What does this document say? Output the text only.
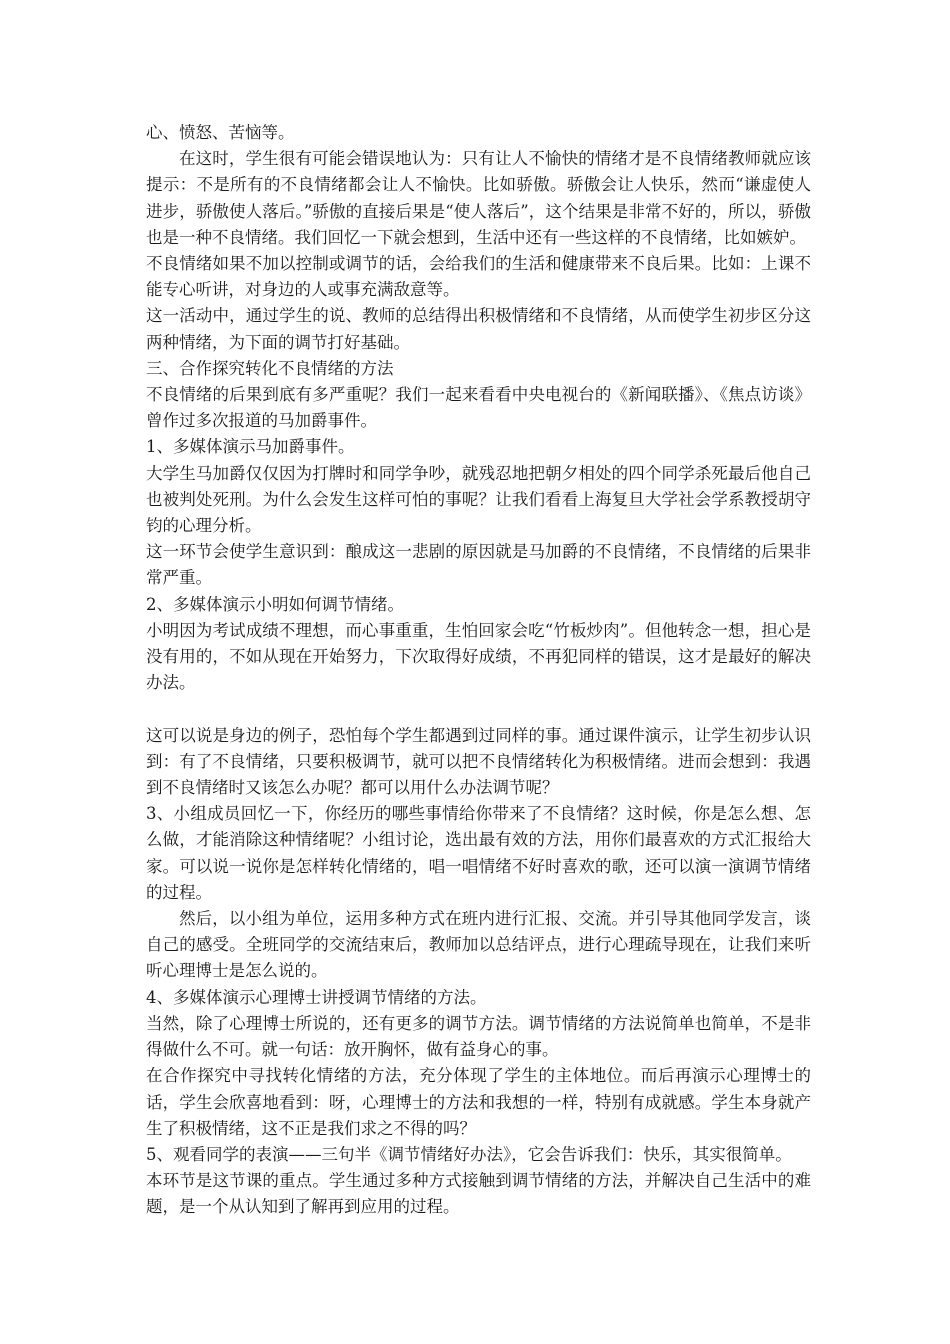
心、愤怒、苦恼等。

在这时，学生很有可能会错误地认为：只有让人不愉快的情绪才是不良情绪教师就应该提示：不是所有的不良情绪都会让人不愉快。比如骄傲。骄傲会让人快乐，然而“谦虚使人进步，骄傲使人落后。”骄傲的直接后果是“使人落后”，这个结果是非常不好的，所以，骄傲也是一种不良情绪。我们回忆一下就会想到，生活中还有一些这样的不良情绪，比如嫉妒。

不良情绪如果不加以控制或调节的话，会给我们的生活和健康带来不良后果。比如：上课不能专心听讲，对身边的人或事充满敌意等。

这一活动中，通过学生的说、教师的总结得出积极情绪和不良情绪，从而使学生初步区分这两种情绪，为下面的调节打好基础。

三、合作探究转化不良情绪的方法

不良情绪的后果到底有多严重呢？我们一起来看看中央电视台的《新闻联播》、《焦点访谈》曾作过多次报道的马加爵事件。

1、多媒体演示马加爵事件。

大学生马加爵仅仅因为打牌时和同学争吵，就残忍地把朝夕相处的四个同学杀死最后他自己也被判处死刑。为什么会发生这样可怕的事呢？让我们看看上海复旦大学社会学系教授胡守钧的心理分析。

这一环节会使学生意识到：酿成这一悲剧的原因就是马加爵的不良情绪，不良情绪的后果非常严重。

2、多媒体演示小明如何调节情绪。

小明因为考试成绩不理想，而心事重重，生怕回家会吃“竹板炒肉”。但他转念一想，担心是没有用的，不如从现在开始努力，下次取得好成绩，不再犯同样的错误，这才是最好的解决办法。

这可以说是身边的例子，恐怕每个学生都遇到过同样的事。通过课件演示，让学生初步认识到：有了不良情绪，只要积极调节，就可以把不良情绪转化为积极情绪。进而会想到：我遇到不良情绪时又该怎么办呢？都可以用什么办法调节呢？

3、小组成员回忆一下，你经历的哪些事情给你带来了不良情绪？这时候，你是怎么想、怎么做，才能消除这种情绪呢？小组讨论，选出最有效的方法，用你们最喜欢的方式汇报给大家。可以说一说你是怎样转化情绪的，唱一唱情绪不好时喜欢的歌，还可以演一演调节情绪的过程。

然后，以小组为单位，运用多种方式在班内进行汇报、交流。并引导其他同学发言，谈自己的感受。全班同学的交流结束后，教师加以总结评点，进行心理疏导现在，让我们来听听心理博士是怎么说的。

4、多媒体演示心理博士讲授调节情绪的方法。

当然，除了心理博士所说的，还有更多的调节方法。调节情绪的方法说简单也简单，不是非得做什么不可。就一句话：放开胸怀，做有益身心的事。

在合作探究中寻找转化情绪的方法，充分体现了学生的主体地位。而后再演示心理博士的话，学生会欣喜地看到：呀，心理博士的方法和我想的一样，特别有成就感。学生本身就产生了积极情绪，这不正是我们求之不得的吗？

5、观看同学的表演——三句半《调节情绪好办法》，它会告诉我们：快乐，其实很简单。

本环节是这节课的重点。学生通过多种方式接触到调节情绪的方法，并解决自己生活中的难题，是一个从认知到了解再到应用的过程。
